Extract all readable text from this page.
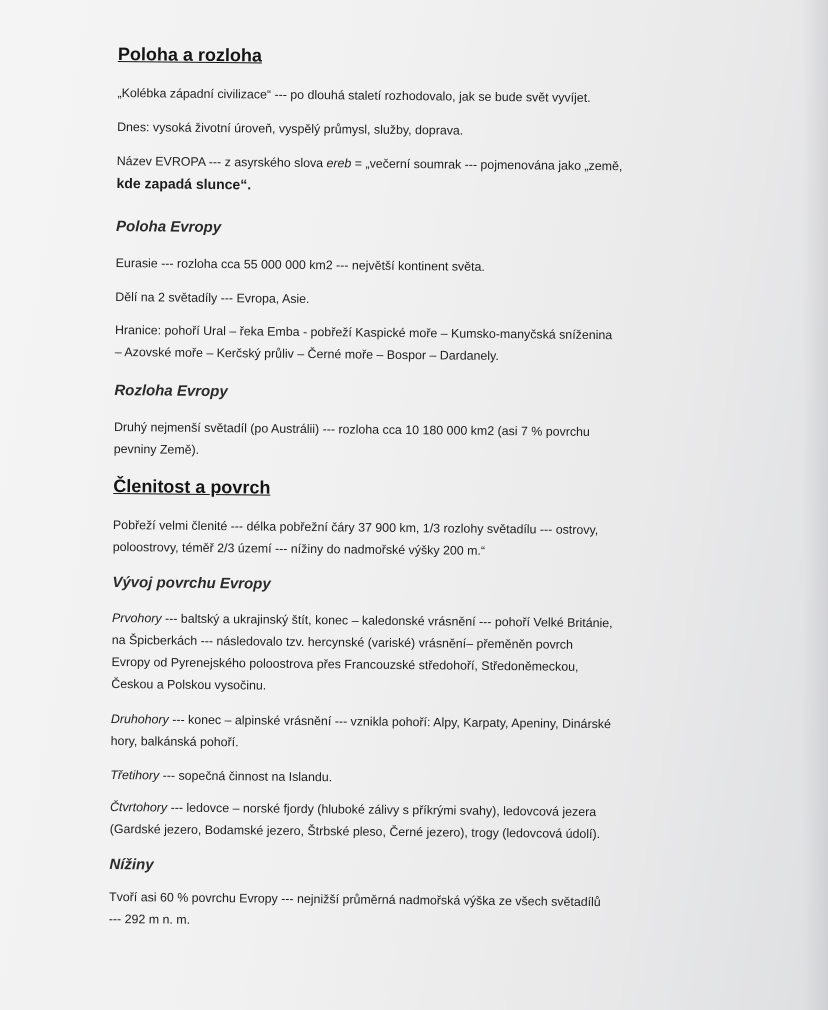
Poloha a rozloha

„Kolébka západní civilizace“ --- po dlouhá staletí rozhodovalo, jak se bude svět vyvíjet.

Dnes: vysoká životní úroveň, vyspělý průmysl, služby, doprava.

Název EVROPA --- z asyrského slova ereb = „večerní soumrak --- pojmenována jako „země,

kde zapadá slunce“.

Poloha Evropy

Eurasie --- rozloha cca 55 000 000 km2 --- největší kontinent světa.

Dělí na 2 světadíly --- Evropa, Asie.

Hranice: pohoří Ural – řeka Emba - pobřeží Kaspické moře – Kumsko-manyčská sníženina

– Azovské moře – Kerčský průliv – Černé moře – Bospor – Dardanely.

Rozloha Evropy

Druhý nejmenší světadíl (po Austrálii) --- rozloha cca 10 180 000 km2 (asi 7 % povrchu

pevniny Země).

Členitost a povrch

Pobřeží velmi členité --- délka pobřežní čáry 37 900 km, 1/3 rozlohy světadílu --- ostrovy,

poloostrovy, téměř 2/3 území --- nížiny do nadmořské výšky 200 m.“

Vývoj povrchu Evropy

Prvohory --- baltský a ukrajinský štít, konec – kaledonské vrásnění --- pohoří Velké Británie,

na Špicberkách --- následovalo tzv. hercynské (variské) vrásnění– přeměněn povrch

Evropy od Pyrenejského poloostrova přes Francouzské středohoří, Středoněmeckou,

Českou a Polskou vysočinu.

Druhohory --- konec – alpinské vrásnění --- vznikla pohoří: Alpy, Karpaty, Apeniny, Dinárské

hory, balkánská pohoří.

Třetihory --- sopečná činnost na Islandu.

Čtvrtohory --- ledovce – norské fjordy (hluboké zálivy s příkrými svahy), ledovcová jezera

(Gardské jezero, Bodamské jezero, Štrbské pleso, Černé jezero), trogy (ledovcová údolí).

Nížiny

Tvoří asi 60 % povrchu Evropy --- nejnižší průměrná nadmořská výška ze všech světadílů

--- 292 m n. m.
